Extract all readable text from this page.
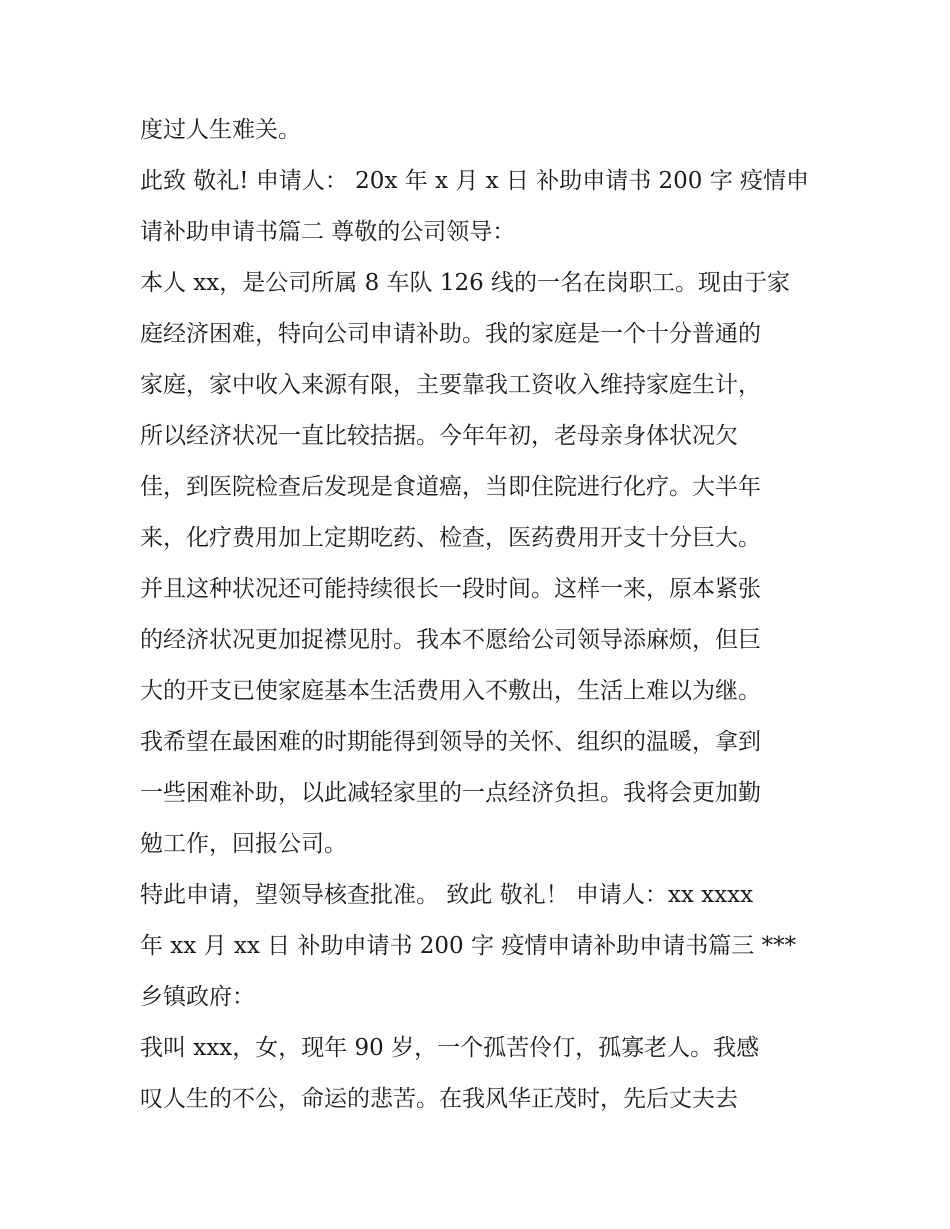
度过人生难关。
此致 敬礼! 申请人： 20x 年 x 月 x 日 补助申请书 200 字 疫情申
请补助申请书篇二 尊敬的公司领导：
本人 xx，是公司所属 8 车队 126 线的一名在岗职工。现由于家
庭经济困难，特向公司申请补助。我的家庭是一个十分普通的
家庭，家中收入来源有限，主要靠我工资收入维持家庭生计，
所以经济状况一直比较拮据。今年年初，老母亲身体状况欠
佳，到医院检查后发现是食道癌，当即住院进行化疗。大半年
来，化疗费用加上定期吃药、检查，医药费用开支十分巨大。
并且这种状况还可能持续很长一段时间。这样一来，原本紧张
的经济状况更加捉襟见肘。我本不愿给公司领导添麻烦，但巨
大的开支已使家庭基本生活费用入不敷出，生活上难以为继。
我希望在最困难的时期能得到领导的关怀、组织的温暖，拿到
一些困难补助，以此减轻家里的一点经济负担。我将会更加勤
勉工作，回报公司。
特此申请，望领导核查批准。 致此 敬礼！ 申请人：xx xxxx
年 xx 月 xx 日 补助申请书 200 字 疫情申请补助申请书篇三 ***
乡镇政府：
我叫 xxx，女，现年 90 岁，一个孤苦伶仃，孤寡老人。我感
叹人生的不公，命运的悲苦。在我风华正茂时，先后丈夫去
